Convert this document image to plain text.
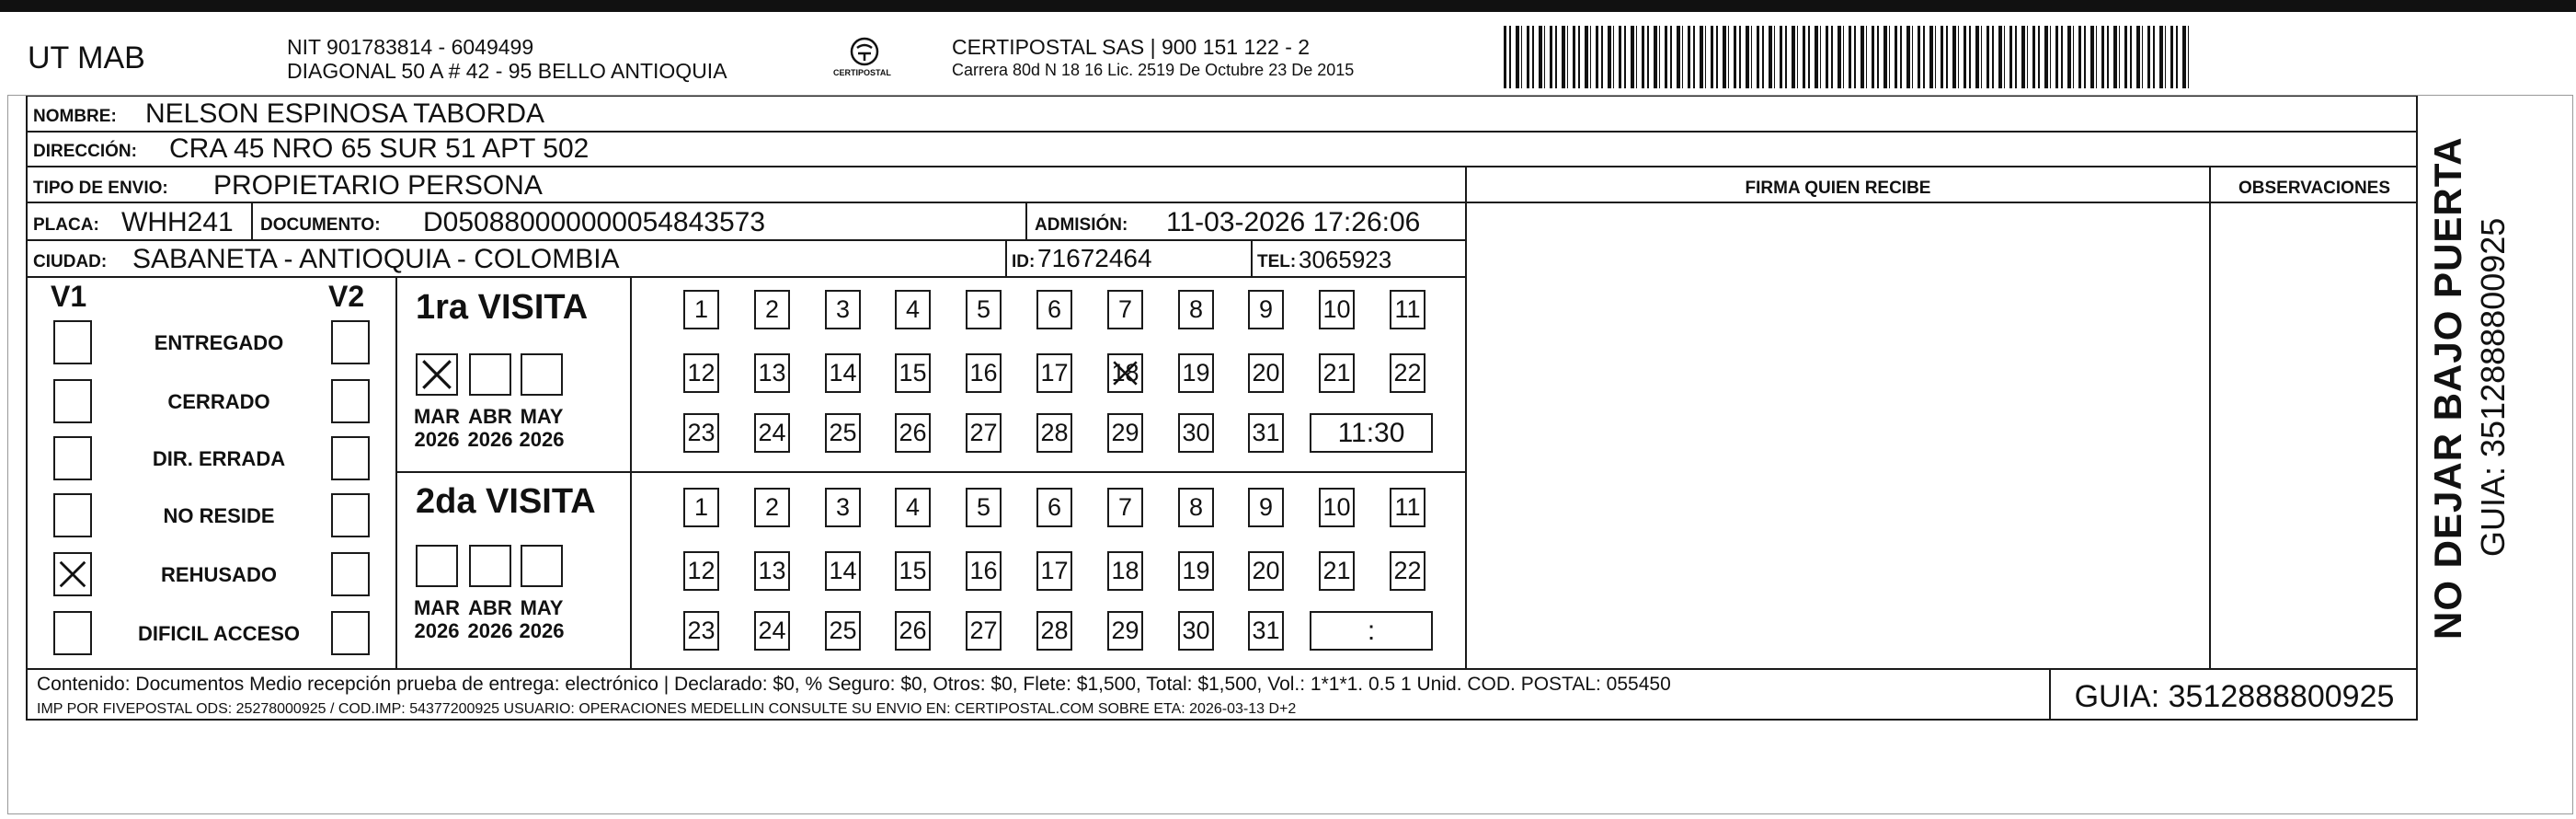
UT MAB	NIT 901783814 - 6049499
DIAGONAL 50 A # 42 - 95 BELLO ANTIOQUIA	CERTIPOSTAL
CERTIPOSTAL SAS | 900 151 122 - 2
Carrera 80d N 18 16 Lic. 2519 De Octubre 23 De 2015
NOMBRE: NELSON ESPINOSA TABORDA
DIRECCIÓN: CRA 45 NRO 65 SUR 51 APT 502
TIPO DE ENVIO: PROPIETARIO PERSONA	FIRMA QUIEN RECIBE	OBSERVACIONES
PLACA: WHH241 DOCUMENTO: D050880000000054843573	ADMISIÓN: 11-03-2026 17:26:06
CIUDAD: SABANETA - ANTIOQUIA - COLOMBIA	ID: 71672464	TEL: 3065923
V1	V2
ENTREGADO
CERRADO
DIR. ERRADA
NO RESIDE
REHUSADO
DIFICIL ACCESO
1ra VISITA
MAR
2026
ABR
2026
MAY
2026
1	2	3	4	5	6	7	8	9	10 11
12 13 14 15 16 17 18 19 20 21 22
23 24 25 26 27 28 29 30 31	11:30
2da VISITA
MAR
2026
ABR
2026
MAY
2026
1	2	3	4	5	6	7	8	9	10 11
12 13 14 15 16 17 18 19 20 21 22
23 24 25 26 27 28 29 30 31	:
Contenido: Documentos Medio recepción prueba de entrega: electrónico | Declarado: $0, % Seguro: $0, Otros: $0, Flete: $1,500, Total: $1,500, Vol.: 1*1*1. 0.5 1 Unid. COD. POSTAL: 055450
IMP POR FIVEPOSTAL ODS: 25278000925 / COD.IMP: 54377200925 USUARIO: OPERACIONES MEDELLIN CONSULTE SU ENVIO EN: CERTIPOSTAL.COM SOBRE ETA: 2026-03-13 D+2	GUIA: 3512888800925
NO DEJAR BAJO PUERTA GUIA: 3512888800925
